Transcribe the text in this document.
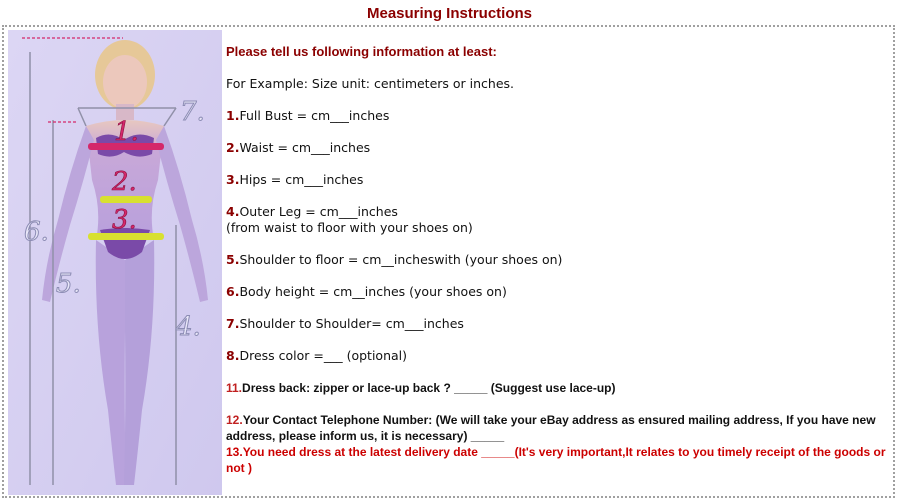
Measuring Instructions
1.
2.
3.
4.
5.
6.
7.
Please tell us following information at least:
For Example: Size unit: centimeters or inches.
1.Full Bust = cm___inches
2.Waist = cm___inches
3.Hips = cm___inches
4.Outer Leg = cm___inches
(from waist to floor with your shoes on)
5.Shoulder to floor = cm__incheswith (your shoes on)
6.Body height = cm__inches (your shoes on)
7.Shoulder to Shoulder= cm___inches
8.Dress color =___ (optional)
11.Dress back: zipper or lace-up back ? _____ (Suggest use lace-up)
12.Your Contact Telephone Number: (We will take your eBay address as ensured mailing address, If you have new address, please inform us, it is necessary) _____
13.You need dress at the latest delivery date _____(It's very important,It relates to you timely receipt of the goods or not )
